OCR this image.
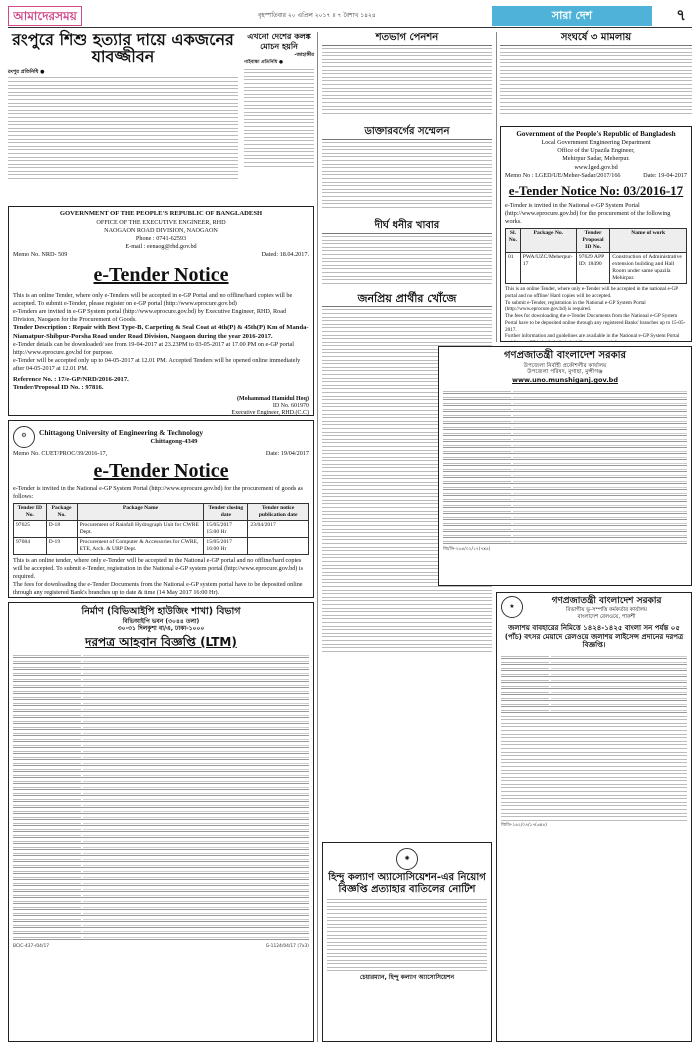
আমাদেরসময়	বৃহস্পতিবার ২০ এপ্রিল ২০১৭ ॥ ৭ বৈশাখ ১৪২৪	সারা দেশ	৭
রংপুরে শিশু হত্যার দায়ে একজনের যাবজ্জীবন
রংপুর প্রতিনিধি ●
এখনো দেশের কলঙ্ক মোচন হয়নি
-জাহাঙ্গীর
গাইবান্ধা প্রতিনিধি ●
GOVERNMENT OF THE PEOPLE'S REPUBLIC OF BANGLADESH
OFFICE OF THE EXECUTIVE ENGINEER, RHD
NAOGAON ROAD DIVISION, NAOGAON
Phone : 0741-62593
E-mail : eenaog@rhd.gov.bd
Memo No. NRD- 509	Dated: 18.04.2017.
e-Tender Notice
This is an online Tender, where only e-Tenders will be accepted in e-GP Portal and no offline/hard copies will be accepted. To submit e-Tender, please register on e-GP portal (http://www.eprocure.gov.bd)
e-Tenders are invited in e-GP System portal (http://www.eprocure.gov.bd) by Executive Engineer, RHD, Road Division, Naogaon for the Procurement of Goods.
Tender Description : Repair with Best Type-B, Carpeting & Seal Coat at 4th(P) & 45th(P) Km of Manda-Niamatpur-Shibpur-Porsha Road under Road Division, Naogaon during the year 2016-2017.
e-Tender details can be downloaded/ see from 19-04-2017 at 23.23PM to 03-05-2017 at 17.00 PM on e-GP portal http://www.eprocure.gov.bd for purpose.
e-Tender will be accepted only up to 04-05-2017 at 12.01 PM. Accepted Tenders will be opened online immediately after 04-05-2017 at 12.01 PM.
Reference No. : 17/e-GP/NRD/2016-2017.
Tender/Proposal ID No. : 97816.
(Mohammad Hamidul Hoq)
ID No. 601970
Executive Engineer, RHD.(C.C)
⚙	Chittagong University of Engineering & Technology
Chittagong-4349
Memo No. CUET/PROC/39/2016-17,	Date: 19/04/2017
e-Tender Notice
e-Tender is invited in the National e-GP System Portal (http://www.eprocure.gov.bd) for the procurement of goods as follows:
Tender ID No.	Package No.	Package Name	Tender closing date	Tender notice publication date
97625	D-18	Procurement of Rainfall Hydrograph Unit for CWRE Dept.	15/05/2017 15:00 Hr	23/04/2017
97684	D-19	Procurement of Computer & Accessories for CWRE, ETE, Arch. & URP Dept.	15/05/2017 16:00 Hr	
This is an online tender, where only e-Tender will be accepted in the National e-GP portal and no offline/hard copies will be accepted. To submit e-Tender, registration in the National e-GP system portal (http://www.eprocure.gov.bd) is required.
The fees for downloading the e-Tender Documents from the National e-GP system portal have to be deposited online through any registered Bank's branches up to date & time (14 May 2017 16:00 Hr).
নির্মাণ (বিভিআইপি হাউজিং শাখা) বিভাগ
বিভিআইপি ভবন (৩০৪৪ তলা)
৩০-৩১ দিলকুশা বা/এ, ঢাকা-১০০০
দরপত্র আহবান বিজ্ঞপ্তি (LTM)
BCIC-437-/04/17	G-1124/04/17 (7x3)
শতভাগ পেনশন
ডাক্তারবর্গের সম্মেলন
দীর্ঘ ধনীর খাবার
জনপ্রিয় প্রার্থীর খোঁজে
✺
হিন্দু কল্যাণ অ্যাসোসিয়েশন-এর নিয়োগ বিজ্ঞপ্তি প্রত্যাহার বাতিলের নোটিশ
চেয়ারম্যান, হিন্দু কল্যাণ অ্যাসোসিয়েশন
সংঘর্ষে ৩ মামলায়
Government of the People's Republic of Bangladesh
Local Government Engineering Department
Office of the Upazila Engineer,
Mehirpur Sadar, Meherpur.
www.lged.gov.bd
Memo No : LGED/UE/Meher-Sadar/2017/166	Date: 19-04-2017
e-Tender Notice No: 03/2016-17
e-Tender is invited in the National e-GP System Portal (http://www.eprocure.gov.bd) for the procurement of the following works.
Sl. No.	Package No.	Tender Proposal ID No.	Name of work
01	PWA/UZC/Meherpur-17	97629 APP ID: 18490	Construction of Administrative extension building and Hall Room under same upazila Mehirpur.
This is an online Tender, where only e-Tender will be accepted in the national e-GP portal and no offline/ Hard copies will be accepted.
To submit e-Tender, registration in the National e-GP System Portal (http://www.eprocure.gov.bd) is required.
The fees for downloading the e-Tender Documents from the National e-GP System Portal have to be deposited online through any registered Banks' branches up to 15-05-2017.
Further information and guidelines are available in the National e-GP System Portal
গণপ্রজাতন্ত্রী বাংলাদেশ সরকার
উপজেলা নির্বাহী প্রকৌশলীর কার্যালয়
উপজেলা পরিষদ, মুগাছা, মুন্সীগঞ্জ
www.uno.munshiganj.gov.bd
জি/ডি-২৬৪/০২/১৭(৭x৪)
★
গণপ্রজাতন্ত্রী বাংলাদেশ সরকার
বিভাগীয় ভূ-সম্পত্তি কর্মকর্তার কার্যালয়
বাংলাদেশ রেলওয়ে, পাকশী
জলাশয় বাবহারের নিমিত্তে ১৪২৪-১৪২৫ বাংলা সন পর্যন্ত ০৫ (পাঁচ) বৎসর মেয়াদে রেলওয়ে জলাশয় লাইসেন্স প্রদানের দরপত্র বিজ্ঞপ্তি।
জিডি-২৬২/০৪/১৭(৬x৪)
